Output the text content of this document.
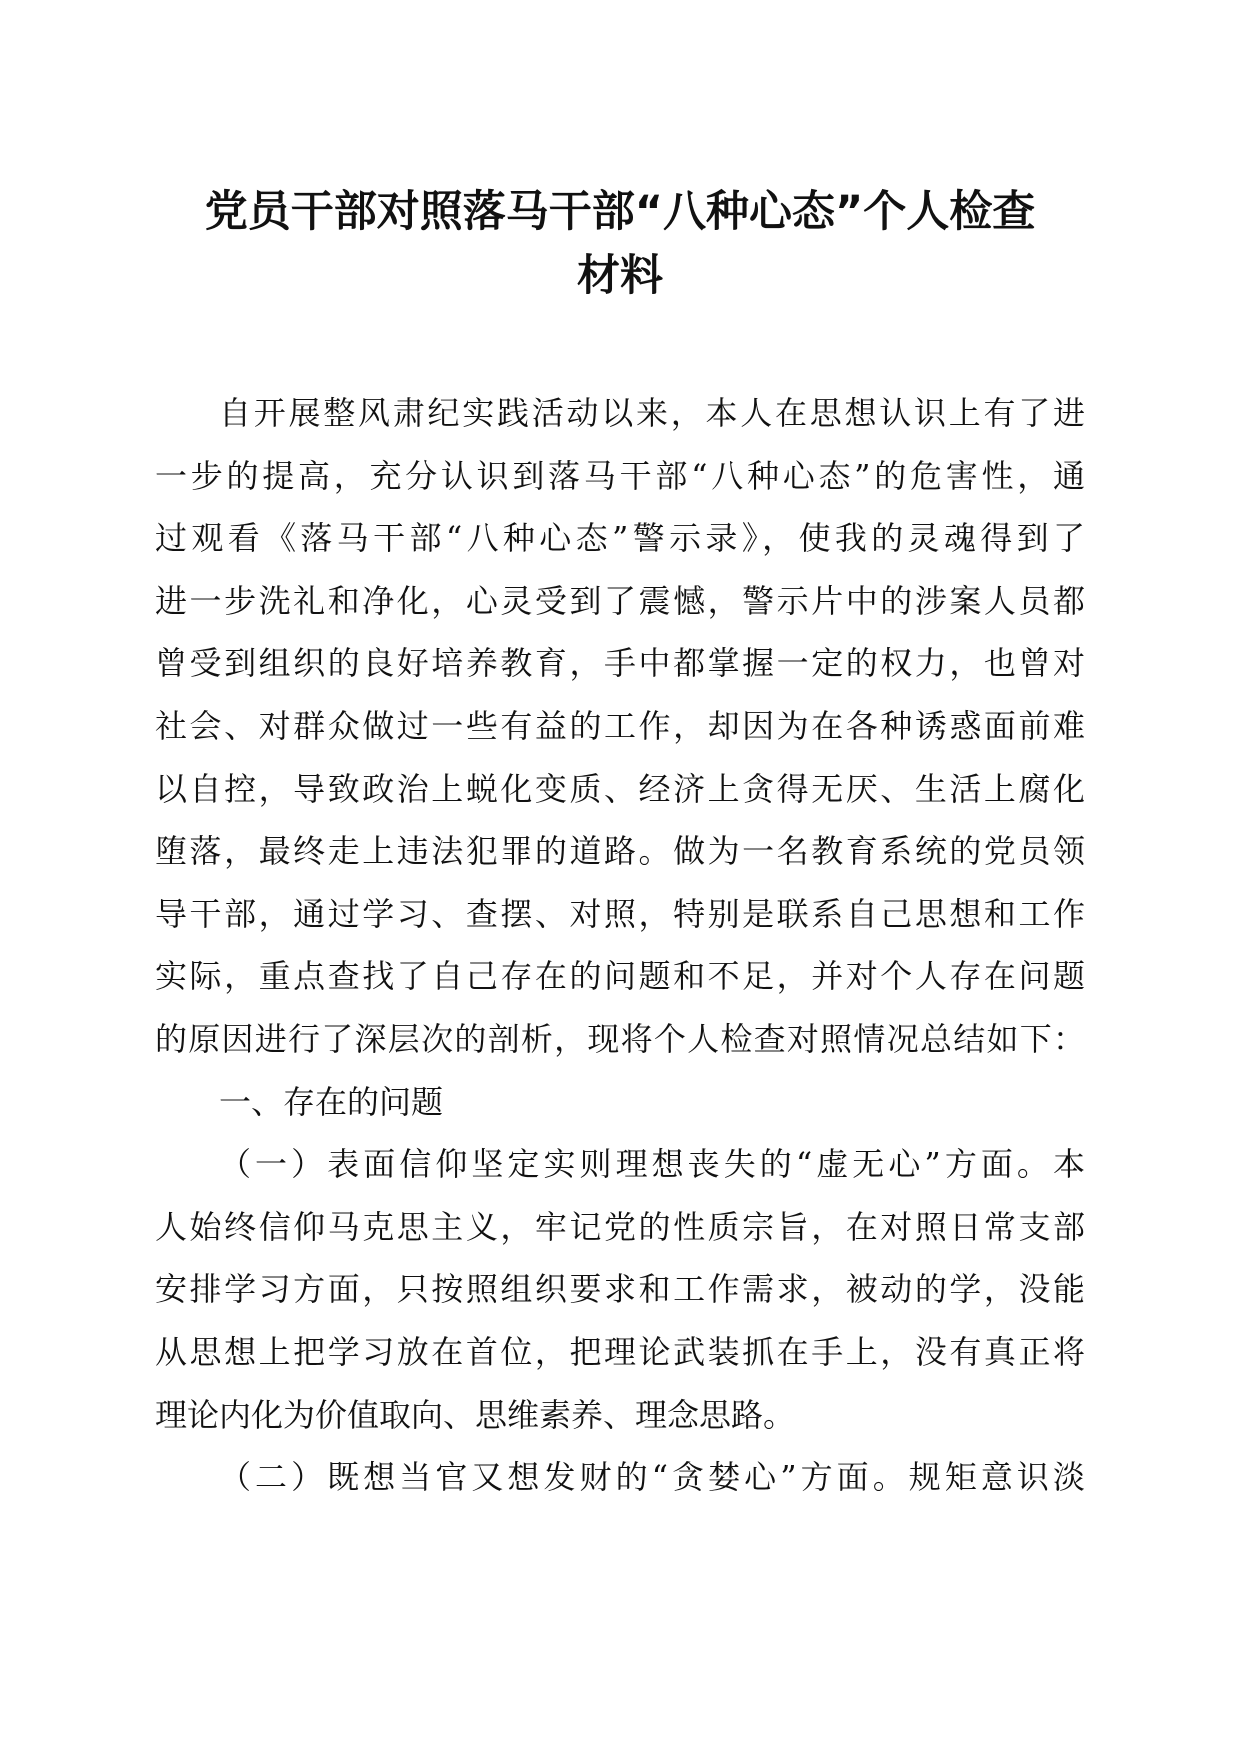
党员干部对照落马干部“八种心态”个人检查
材料
自开展整风肃纪实践活动以来，本人在思想认识上有了进
一步的提高，充分认识到落马干部“八种心态”的危害性，通
过观看《落马干部“八种心态”警示录》，使我的灵魂得到了
进一步洗礼和净化，心灵受到了震憾，警示片中的涉案人员都
曾受到组织的良好培养教育，手中都掌握一定的权力，也曾对
社会、对群众做过一些有益的工作，却因为在各种诱惑面前难
以自控，导致政治上蜕化变质、经济上贪得无厌、生活上腐化
堕落，最终走上违法犯罪的道路。做为一名教育系统的党员领
导干部，通过学习、查摆、对照，特别是联系自己思想和工作
实际，重点查找了自己存在的问题和不足，并对个人存在问题
的原因进行了深层次的剖析，现将个人检查对照情况总结如下：
一、存在的问题
（一）表面信仰坚定实则理想丧失的“虚无心”方面。本
人始终信仰马克思主义，牢记党的性质宗旨，在对照日常支部
安排学习方面，只按照组织要求和工作需求，被动的学，没能
从思想上把学习放在首位，把理论武装抓在手上，没有真正将
理论内化为价值取向、思维素养、理念思路。
（二）既想当官又想发财的“贪婪心”方面。规矩意识淡
